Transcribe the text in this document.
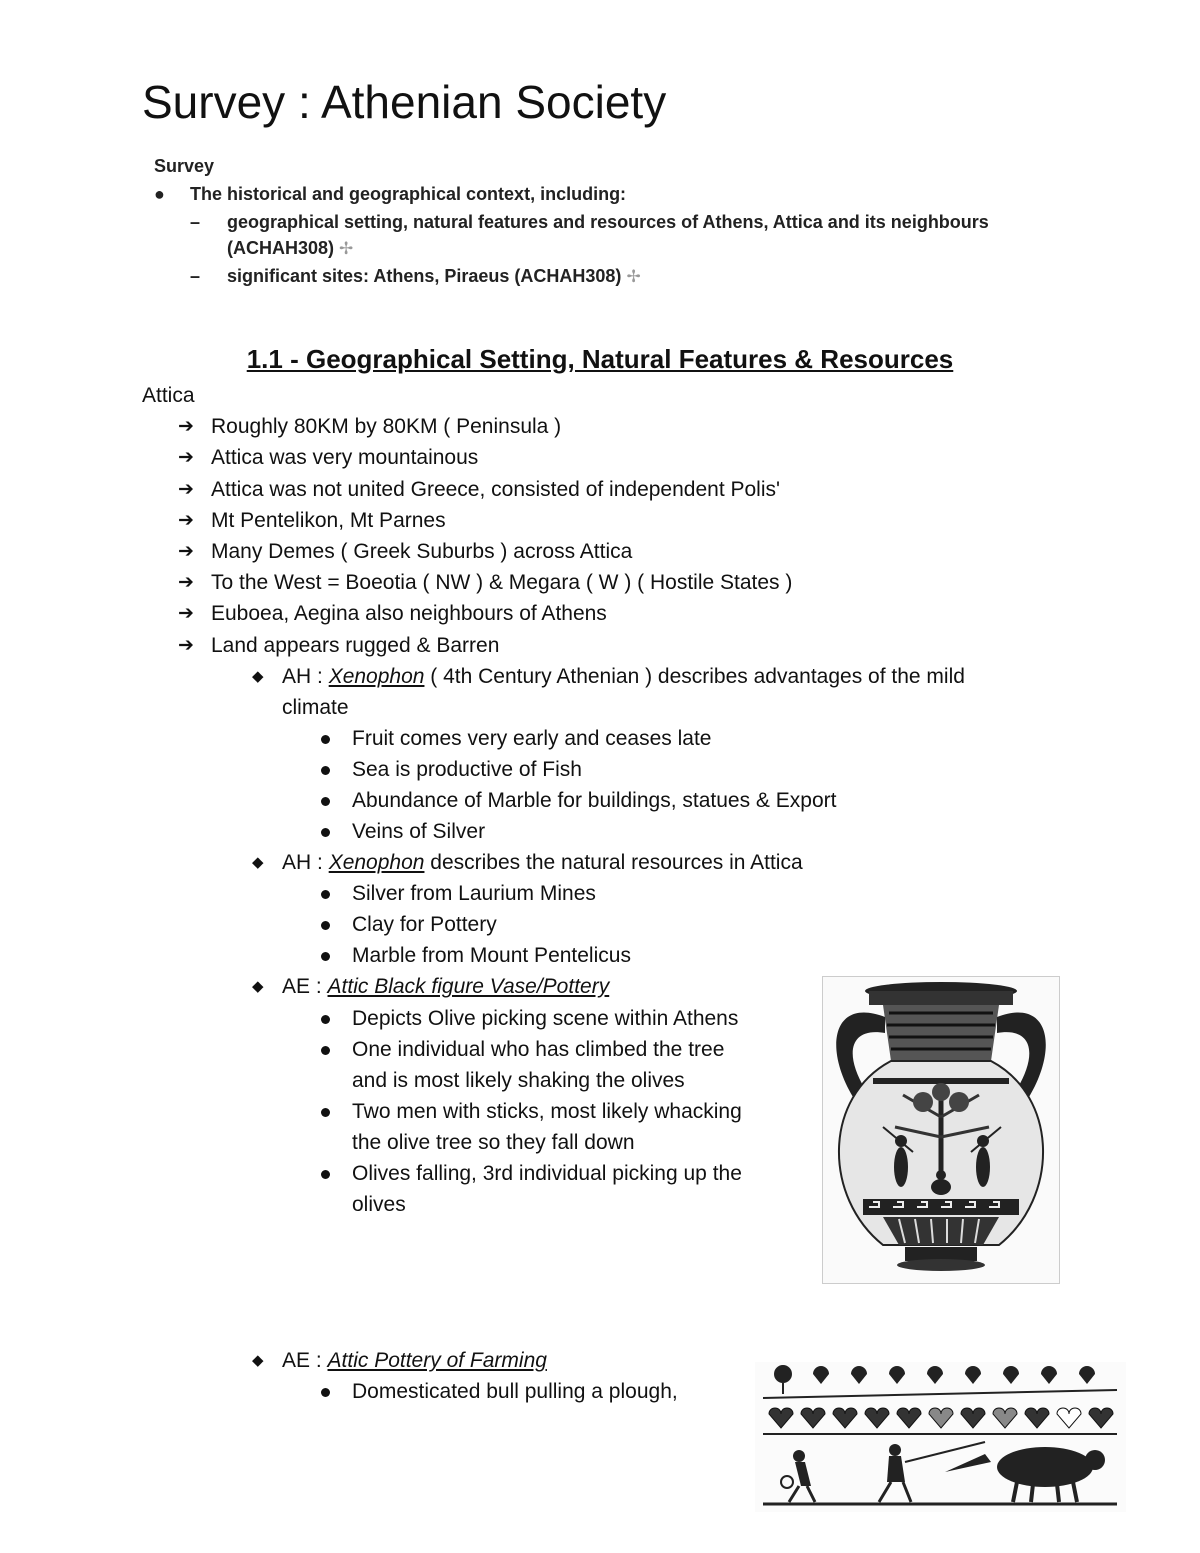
Survey : Athenian Society
Survey
● The historical and geographical context, including:
– geographical setting, natural features and resources of Athens, Attica and its neighbours
(ACHAH308) ✢
– significant sites: Athens, Piraeus (ACHAH308) ✢
1.1 - Geographical Setting, Natural Features & Resources
Attica
➔ Roughly 80KM by 80KM ( Peninsula )
➔ Attica was very mountainous
➔ Attica was not united Greece, consisted of independent Polis'
➔ Mt Pentelikon, Mt Parnes
➔ Many Demes ( Greek Suburbs ) across Attica
➔ To the West = Boeotia ( NW ) & Megara ( W ) ( Hostile States )
➔ Euboea, Aegina also neighbours of Athens
➔ Land appears rugged & Barren
◆ AH : Xenophon ( 4th Century Athenian ) describes advantages of the mild
climate
Fruit comes very early and ceases late
Sea is productive of Fish
Abundance of Marble for buildings, statues & Export
Veins of Silver
◆ AH : Xenophon describes the natural resources in Attica
Silver from Laurium Mines
Clay for Pottery
Marble from Mount Pentelicus
◆ AE : Attic Black figure Vase/Pottery
Depicts Olive picking scene within Athens
One individual who has climbed the tree
and is most likely shaking the olives
Two men with sticks, most likely whacking
the olive tree so they fall down
Olives falling, 3rd individual picking up the
olives
◆ AE : Attic Pottery of Farming
Domesticated bull pulling a plough,
